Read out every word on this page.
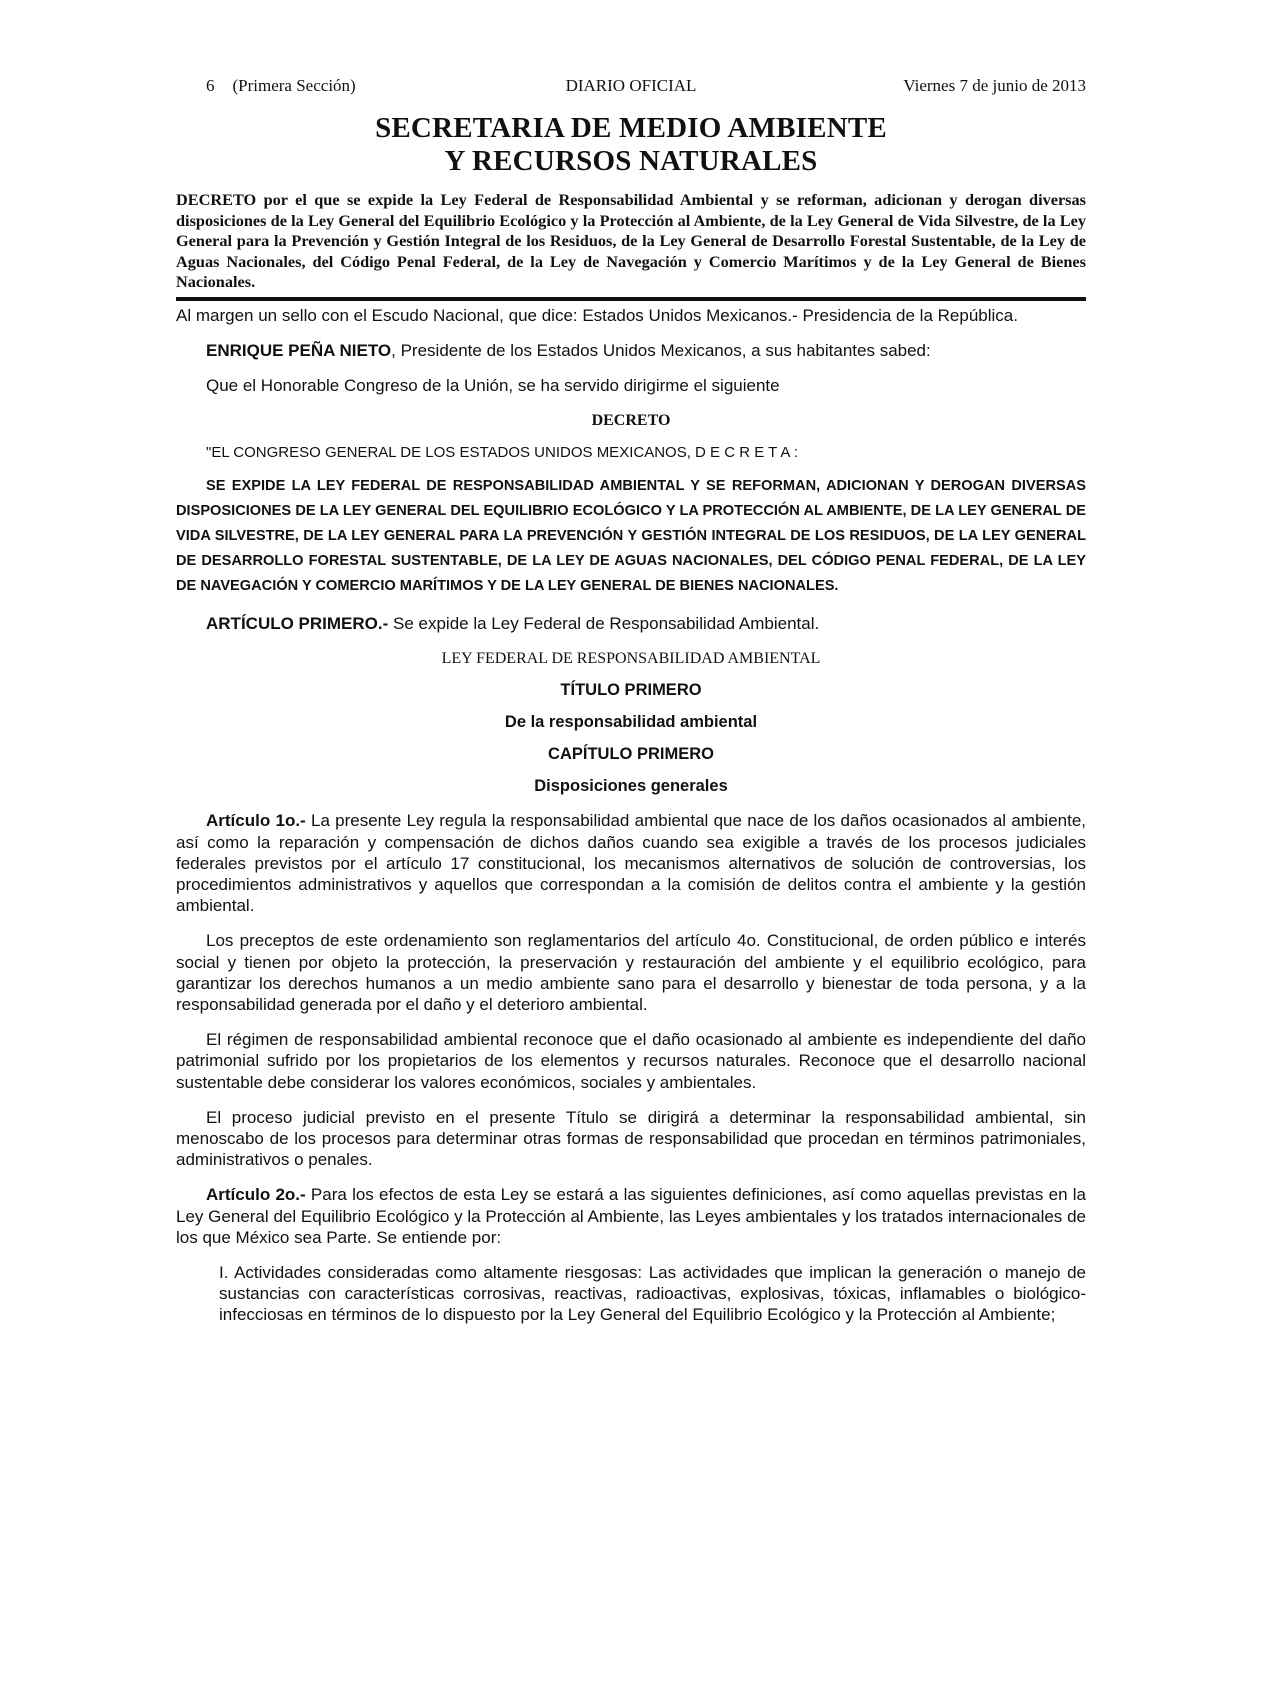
6 (Primera Sección)	DIARIO OFICIAL	Viernes 7 de junio de 2013
SECRETARIA DE MEDIO AMBIENTE
Y RECURSOS NATURALES
DECRETO por el que se expide la Ley Federal de Responsabilidad Ambiental y se reforman, adicionan y derogan diversas disposiciones de la Ley General del Equilibrio Ecológico y la Protección al Ambiente, de la Ley General de Vida Silvestre, de la Ley General para la Prevención y Gestión Integral de los Residuos, de la Ley General de Desarrollo Forestal Sustentable, de la Ley de Aguas Nacionales, del Código Penal Federal, de la Ley de Navegación y Comercio Marítimos y de la Ley General de Bienes Nacionales.

Al margen un sello con el Escudo Nacional, que dice: Estados Unidos Mexicanos.- Presidencia de la República.

ENRIQUE PEÑA NIETO, Presidente de los Estados Unidos Mexicanos, a sus habitantes sabed:

Que el Honorable Congreso de la Unión, se ha servido dirigirme el siguiente

DECRETO
"EL CONGRESO GENERAL DE LOS ESTADOS UNIDOS MEXICANOS, D E C R E T A :
SE EXPIDE LA LEY FEDERAL DE RESPONSABILIDAD AMBIENTAL Y SE REFORMAN, ADICIONAN Y DEROGAN DIVERSAS DISPOSICIONES DE LA LEY GENERAL DEL EQUILIBRIO ECOLÓGICO Y LA PROTECCIÓN AL AMBIENTE, DE LA LEY GENERAL DE VIDA SILVESTRE, DE LA LEY GENERAL PARA LA PREVENCIÓN Y GESTIÓN INTEGRAL DE LOS RESIDUOS, DE LA LEY GENERAL DE DESARROLLO FORESTAL SUSTENTABLE, DE LA LEY DE AGUAS NACIONALES, DEL CÓDIGO PENAL FEDERAL, DE LA LEY DE NAVEGACIÓN Y COMERCIO MARÍTIMOS Y DE LA LEY GENERAL DE BIENES NACIONALES.

ARTÍCULO PRIMERO.- Se expide la Ley Federal de Responsabilidad Ambiental.

LEY FEDERAL DE RESPONSABILIDAD AMBIENTAL
TÍTULO PRIMERO
De la responsabilidad ambiental
CAPÍTULO PRIMERO
Disposiciones generales

Artículo 1o.- La presente Ley regula la responsabilidad ambiental que nace de los daños ocasionados al ambiente, así como la reparación y compensación de dichos daños cuando sea exigible a través de los procesos judiciales federales previstos por el artículo 17 constitucional, los mecanismos alternativos de solución de controversias, los procedimientos administrativos y aquellos que correspondan a la comisión de delitos contra el ambiente y la gestión ambiental.

Los preceptos de este ordenamiento son reglamentarios del artículo 4o. Constitucional, de orden público e interés social y tienen por objeto la protección, la preservación y restauración del ambiente y el equilibrio ecológico, para garantizar los derechos humanos a un medio ambiente sano para el desarrollo y bienestar de toda persona, y a la responsabilidad generada por el daño y el deterioro ambiental.

El régimen de responsabilidad ambiental reconoce que el daño ocasionado al ambiente es independiente del daño patrimonial sufrido por los propietarios de los elementos y recursos naturales. Reconoce que el desarrollo nacional sustentable debe considerar los valores económicos, sociales y ambientales.

El proceso judicial previsto en el presente Título se dirigirá a determinar la responsabilidad ambiental, sin menoscabo de los procesos para determinar otras formas de responsabilidad que procedan en términos patrimoniales, administrativos o penales.

Artículo 2o.- Para los efectos de esta Ley se estará a las siguientes definiciones, así como aquellas previstas en la Ley General del Equilibrio Ecológico y la Protección al Ambiente, las Leyes ambientales y los tratados internacionales de los que México sea Parte. Se entiende por:

I. Actividades consideradas como altamente riesgosas: Las actividades que implican la generación o manejo de sustancias con características corrosivas, reactivas, radioactivas, explosivas, tóxicas, inflamables o biológico-infecciosas en términos de lo dispuesto por la Ley General del Equilibrio Ecológico y la Protección al Ambiente;
